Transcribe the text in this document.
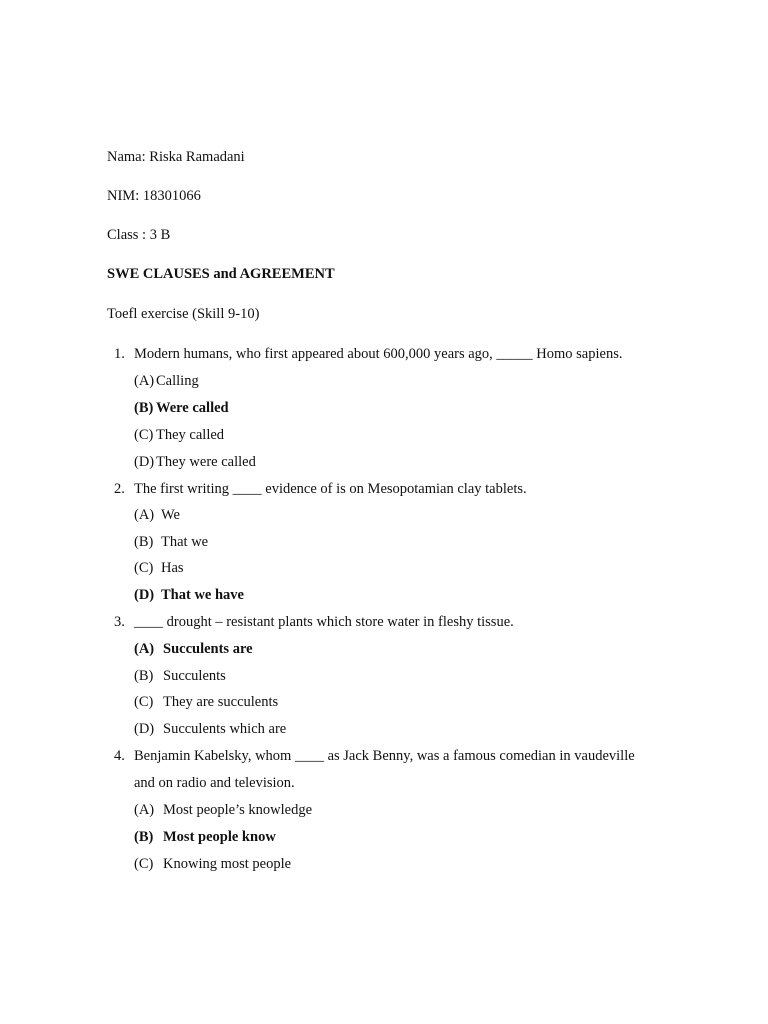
Nama: Riska Ramadani
NIM: 18301066
Class : 3 B
SWE CLAUSES and AGREEMENT
Toefl exercise (Skill 9-10)
1. Modern humans, who first appeared about 600,000 years ago, _____ Homo sapiens.
(A) Calling
(B) Were called
(C) They called
(D) They were called
2. The first writing ____ evidence of is on Mesopotamian clay tablets.
(A) We
(B) That we
(C) Has
(D) That we have
3. ____ drought – resistant plants which store water in fleshy tissue.
(A) Succulents are
(B) Succulents
(C) They are succulents
(D) Succulents which are
4. Benjamin Kabelsky, whom ____ as Jack Benny, was a famous comedian in vaudeville
and on radio and television.
(A) Most people’s knowledge
(B) Most people know
(C) Knowing most people
